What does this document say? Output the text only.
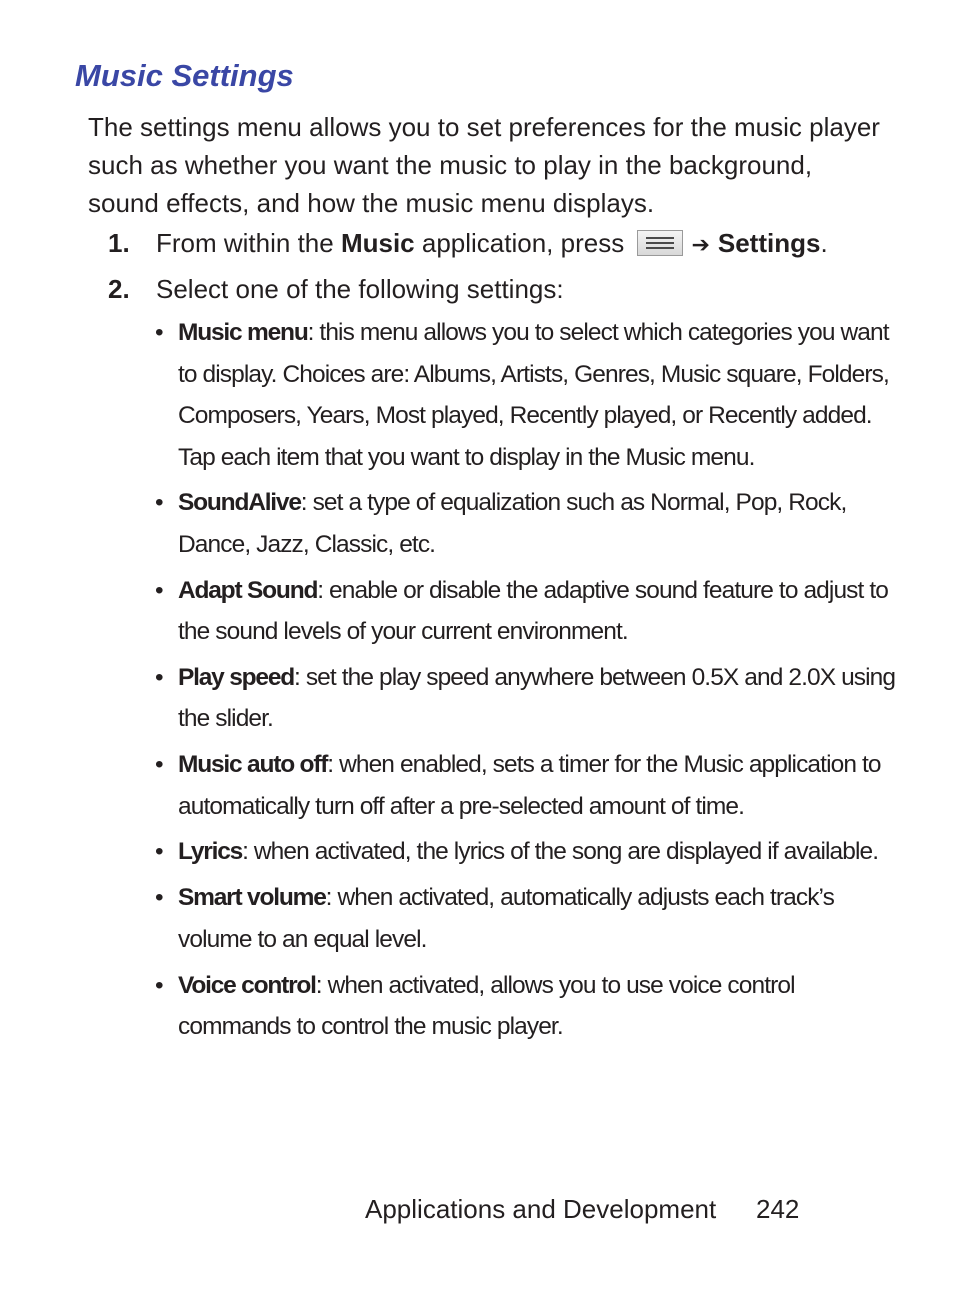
Music Settings
The settings menu allows you to set preferences for the music player
such as whether you want the music to play in the background,
sound effects, and how the music menu displays.
1. From within the Music application, press	➔ Settings.
2. Select one of the following settings:
• Music menu: this menu allows you to select which categories you want
to display. Choices are: Albums, Artists, Genres, Music square, Folders,
Composers, Years, Most played, Recently played, or Recently added.
Tap each item that you want to display in the Music menu.
• SoundAlive: set a type of equalization such as Normal, Pop, Rock,
Dance, Jazz, Classic, etc.
• Adapt Sound: enable or disable the adaptive sound feature to adjust to
the sound levels of your current environment.
• Play speed: set the play speed anywhere between 0.5X and 2.0X using
the slider.
• Music auto off: when enabled, sets a timer for the Music application to
automatically turn off after a pre-selected amount of time.
• Lyrics: when activated, the lyrics of the song are displayed if available.
• Smart volume: when activated, automatically adjusts each track’s
volume to an equal level.
• Voice control: when activated, allows you to use voice control
commands to control the music player.
Applications and Development 242
